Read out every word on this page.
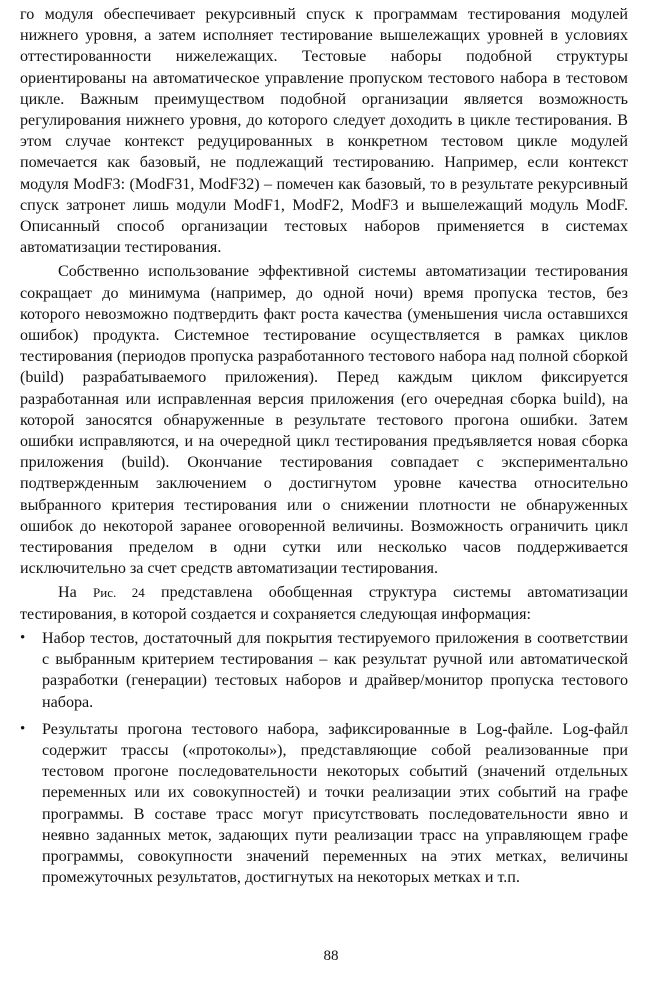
го модуля обеспечивает рекурсивный спуск к программам тестирования модулей нижнего уровня, а затем исполняет тестирование вышележащих уровней в условиях оттестированности нижележащих. Тестовые наборы подобной структуры ориентированы на автоматическое управление пропуском тестового набора в тестовом цикле. Важным преимуществом подобной организации является возможность регулирования нижнего уровня, до которого следует доходить в цикле тестирования. В этом случае контекст редуцированных в конкретном тестовом цикле модулей помечается как базовый, не подлежащий тестированию. Например, если контекст модуля ModF3: (ModF31, ModF32) – помечен как базовый, то в результате рекурсивный спуск затронет лишь модули ModF1, ModF2, ModF3 и вышележащий модуль ModF. Описанный способ организации тестовых наборов применяется в системах автоматизации тестирования.

Собственно использование эффективной системы автоматизации тестирования сокращает до минимума (например, до одной ночи) время пропуска тестов, без которого невозможно подтвердить факт роста качества (уменьшения числа оставшихся ошибок) продукта. Системное тестирование осуществляется в рамках циклов тестирования (периодов пропуска разработанного тестового набора над полной сборкой (build) разрабатываемого приложения). Перед каждым циклом фиксируется разработанная или исправленная версия приложения (его очередная сборка build), на которой заносятся обнаруженные в результате тестового прогона ошибки. Затем ошибки исправляются, и на очередной цикл тестирования предъявляется новая сборка приложения (build). Окончание тестирования совпадает с экспериментально подтвержденным заключением о достигнутом уровне качества относительно выбранного критерия тестирования или о снижении плотности не обнаруженных ошибок до некоторой заранее оговоренной величины. Возможность ограничить цикл тестирования пределом в одни сутки или несколько часов поддерживается исключительно за счет средств автоматизации тестирования.

На Рис. 24 представлена обобщенная структура системы автоматизации тестирования, в которой создается и сохраняется следующая информация:

• Набор тестов, достаточный для покрытия тестируемого приложения в соответствии с выбранным критерием тестирования – как результат ручной или автоматической разработки (генерации) тестовых наборов и драйвер/монитор пропуска тестового набора.
• Результаты прогона тестового набора, зафиксированные в Log-файле. Log-файл содержит трассы («протоколы»), представляющие собой реализованные при тестовом прогоне последовательности некоторых событий (значений отдельных переменных или их совокупностей) и точки реализации этих событий на графе программы. В составе трасс могут присутствовать последовательности явно и неявно заданных меток, задающих пути реализации трасс на управляющем графе программы, совокупности значений переменных на этих метках, величины промежуточных результатов, достигнутых на некоторых метках и т.п.
88
